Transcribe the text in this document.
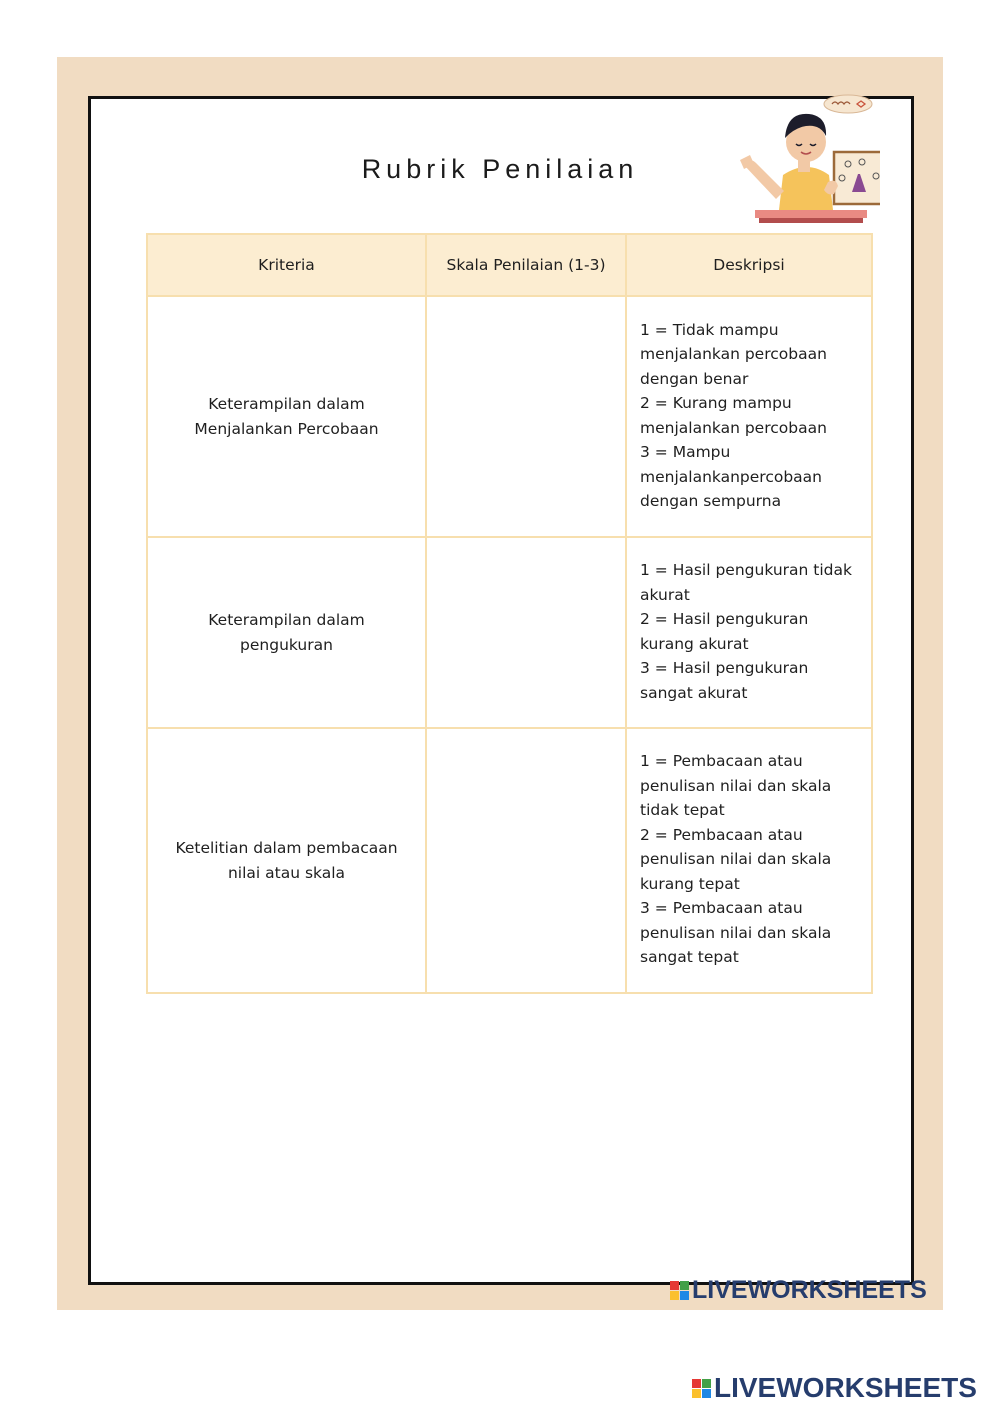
Rubrik Penilaian
Kriteria	Skala Penilaian (1-3)	Deskripsi
Keterampilan dalam Menjalankan Percobaan		1 = Tidak mampu menjalankan percobaan dengan benar
2 = Kurang mampu menjalankan percobaan
3 = Mampu menjalankanpercobaan dengan sempurna

Keterampilan dalam pengukuran		1 = Hasil pengukuran tidak akurat
2 = Hasil pengukuran kurang akurat
3 = Hasil pengukuran sangat akurat

Ketelitian dalam pembacaan nilai atau skala		1 = Pembacaan atau penulisan nilai dan skala tidak tepat
2 = Pembacaan atau penulisan nilai dan skala kurang tepat
3 = Pembacaan atau penulisan nilai dan skala sangat tepat
LIVEWORKSHEETS
LIVEWORKSHEETS
